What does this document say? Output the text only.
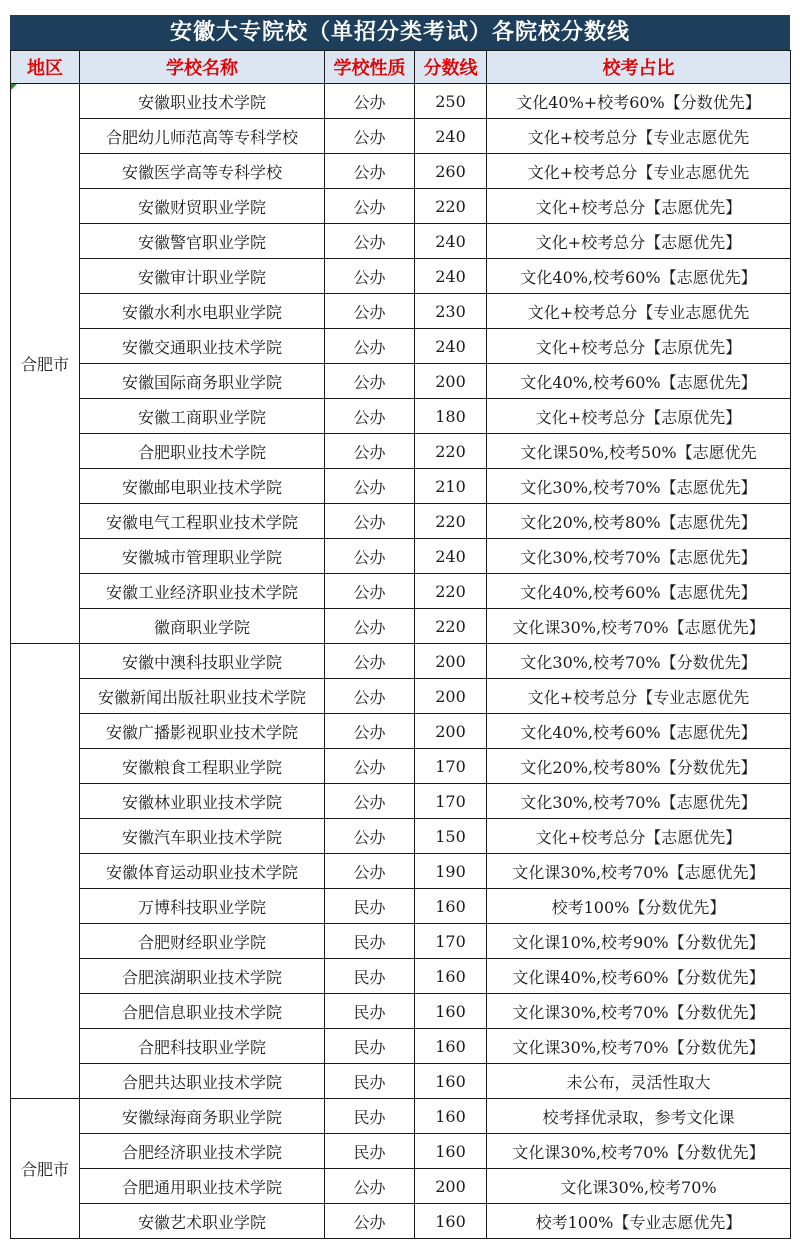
安徽大专院校（单招分类考试）各院校分数线
地区	学校名称	学校性质	分数线	校考占比
合肥市	安徽职业技术学院	公办	250	文化40%+校考60%【分数优先】
	合肥幼儿师范高等专科学校	公办	240	文化+校考总分【专业志愿优先
	安徽医学高等专科学校	公办	260	文化+校考总分【专业志愿优先
	安徽财贸职业学院	公办	220	文化+校考总分【志愿优先】
	安徽警官职业学院	公办	240	文化+校考总分【志愿优先】
	安徽审计职业学院	公办	240	文化40%,校考60%【志愿优先】
	安徽水利水电职业学院	公办	230	文化+校考总分【专业志愿优先
	安徽交通职业技术学院	公办	240	文化+校考总分【志原优先】
	安徽国际商务职业学院	公办	200	文化40%,校考60%【志愿优先】
	安徽工商职业学院	公办	180	文化+校考总分【志原优先】
	合肥职业技术学院	公办	220	文化课50%,校考50%【志愿优先
	安徽邮电职业技术学院	公办	210	文化30%,校考70%【志愿优先】
	安徽电气工程职业技术学院	公办	220	文化20%,校考80%【志愿优先】
	安徽城市管理职业学院	公办	240	文化30%,校考70%【志愿优先】
	安徽工业经济职业技术学院	公办	220	文化40%,校考60%【志愿优先】
	徽商职业学院	公办	220	文化课30%,校考70%【志愿优先】
	安徽中澳科技职业学院	公办	200	文化30%,校考70%【分数优先】
	安徽新闻出版社职业技术学院	公办	200	文化+校考总分【专业志愿优先
	安徽广播影视职业技术学院	公办	200	文化40%,校考60%【志愿优先】
	安徽粮食工程职业学院	公办	170	文化20%,校考80%【分数优先】
	安徽林业职业技术学院	公办	170	文化30%,校考70%【志愿优先】
	安徽汽车职业技术学院	公办	150	文化+校考总分【志愿优先】
	安徽体育运动职业技术学院	公办	190	文化课30%,校考70%【志愿优先】
	万博科技职业学院	民办	160	校考100%【分数优先】
	合肥财经职业学院	民办	170	文化课10%,校考90%【分数优先】
	合肥滨湖职业技术学院	民办	160	文化课40%,校考60%【分数优先】
	合肥信息职业技术学院	民办	160	文化课30%,校考70%【分数优先】
	合肥科技职业学院	民办	160	文化课30%,校考70%【分数优先】
	合肥共达职业技术学院	民办	160	未公布，灵活性取大
合肥市	安徽绿海商务职业学院	民办	160	校考择优录取，参考文化课
	合肥经济职业技术学院	民办	160	文化课30%,校考70%【分数优先】
	合肥通用职业技术学院	公办	200	文化课30%,校考70%
	安徽艺术职业学院	公办	160	校考100%【专业志愿优先】
